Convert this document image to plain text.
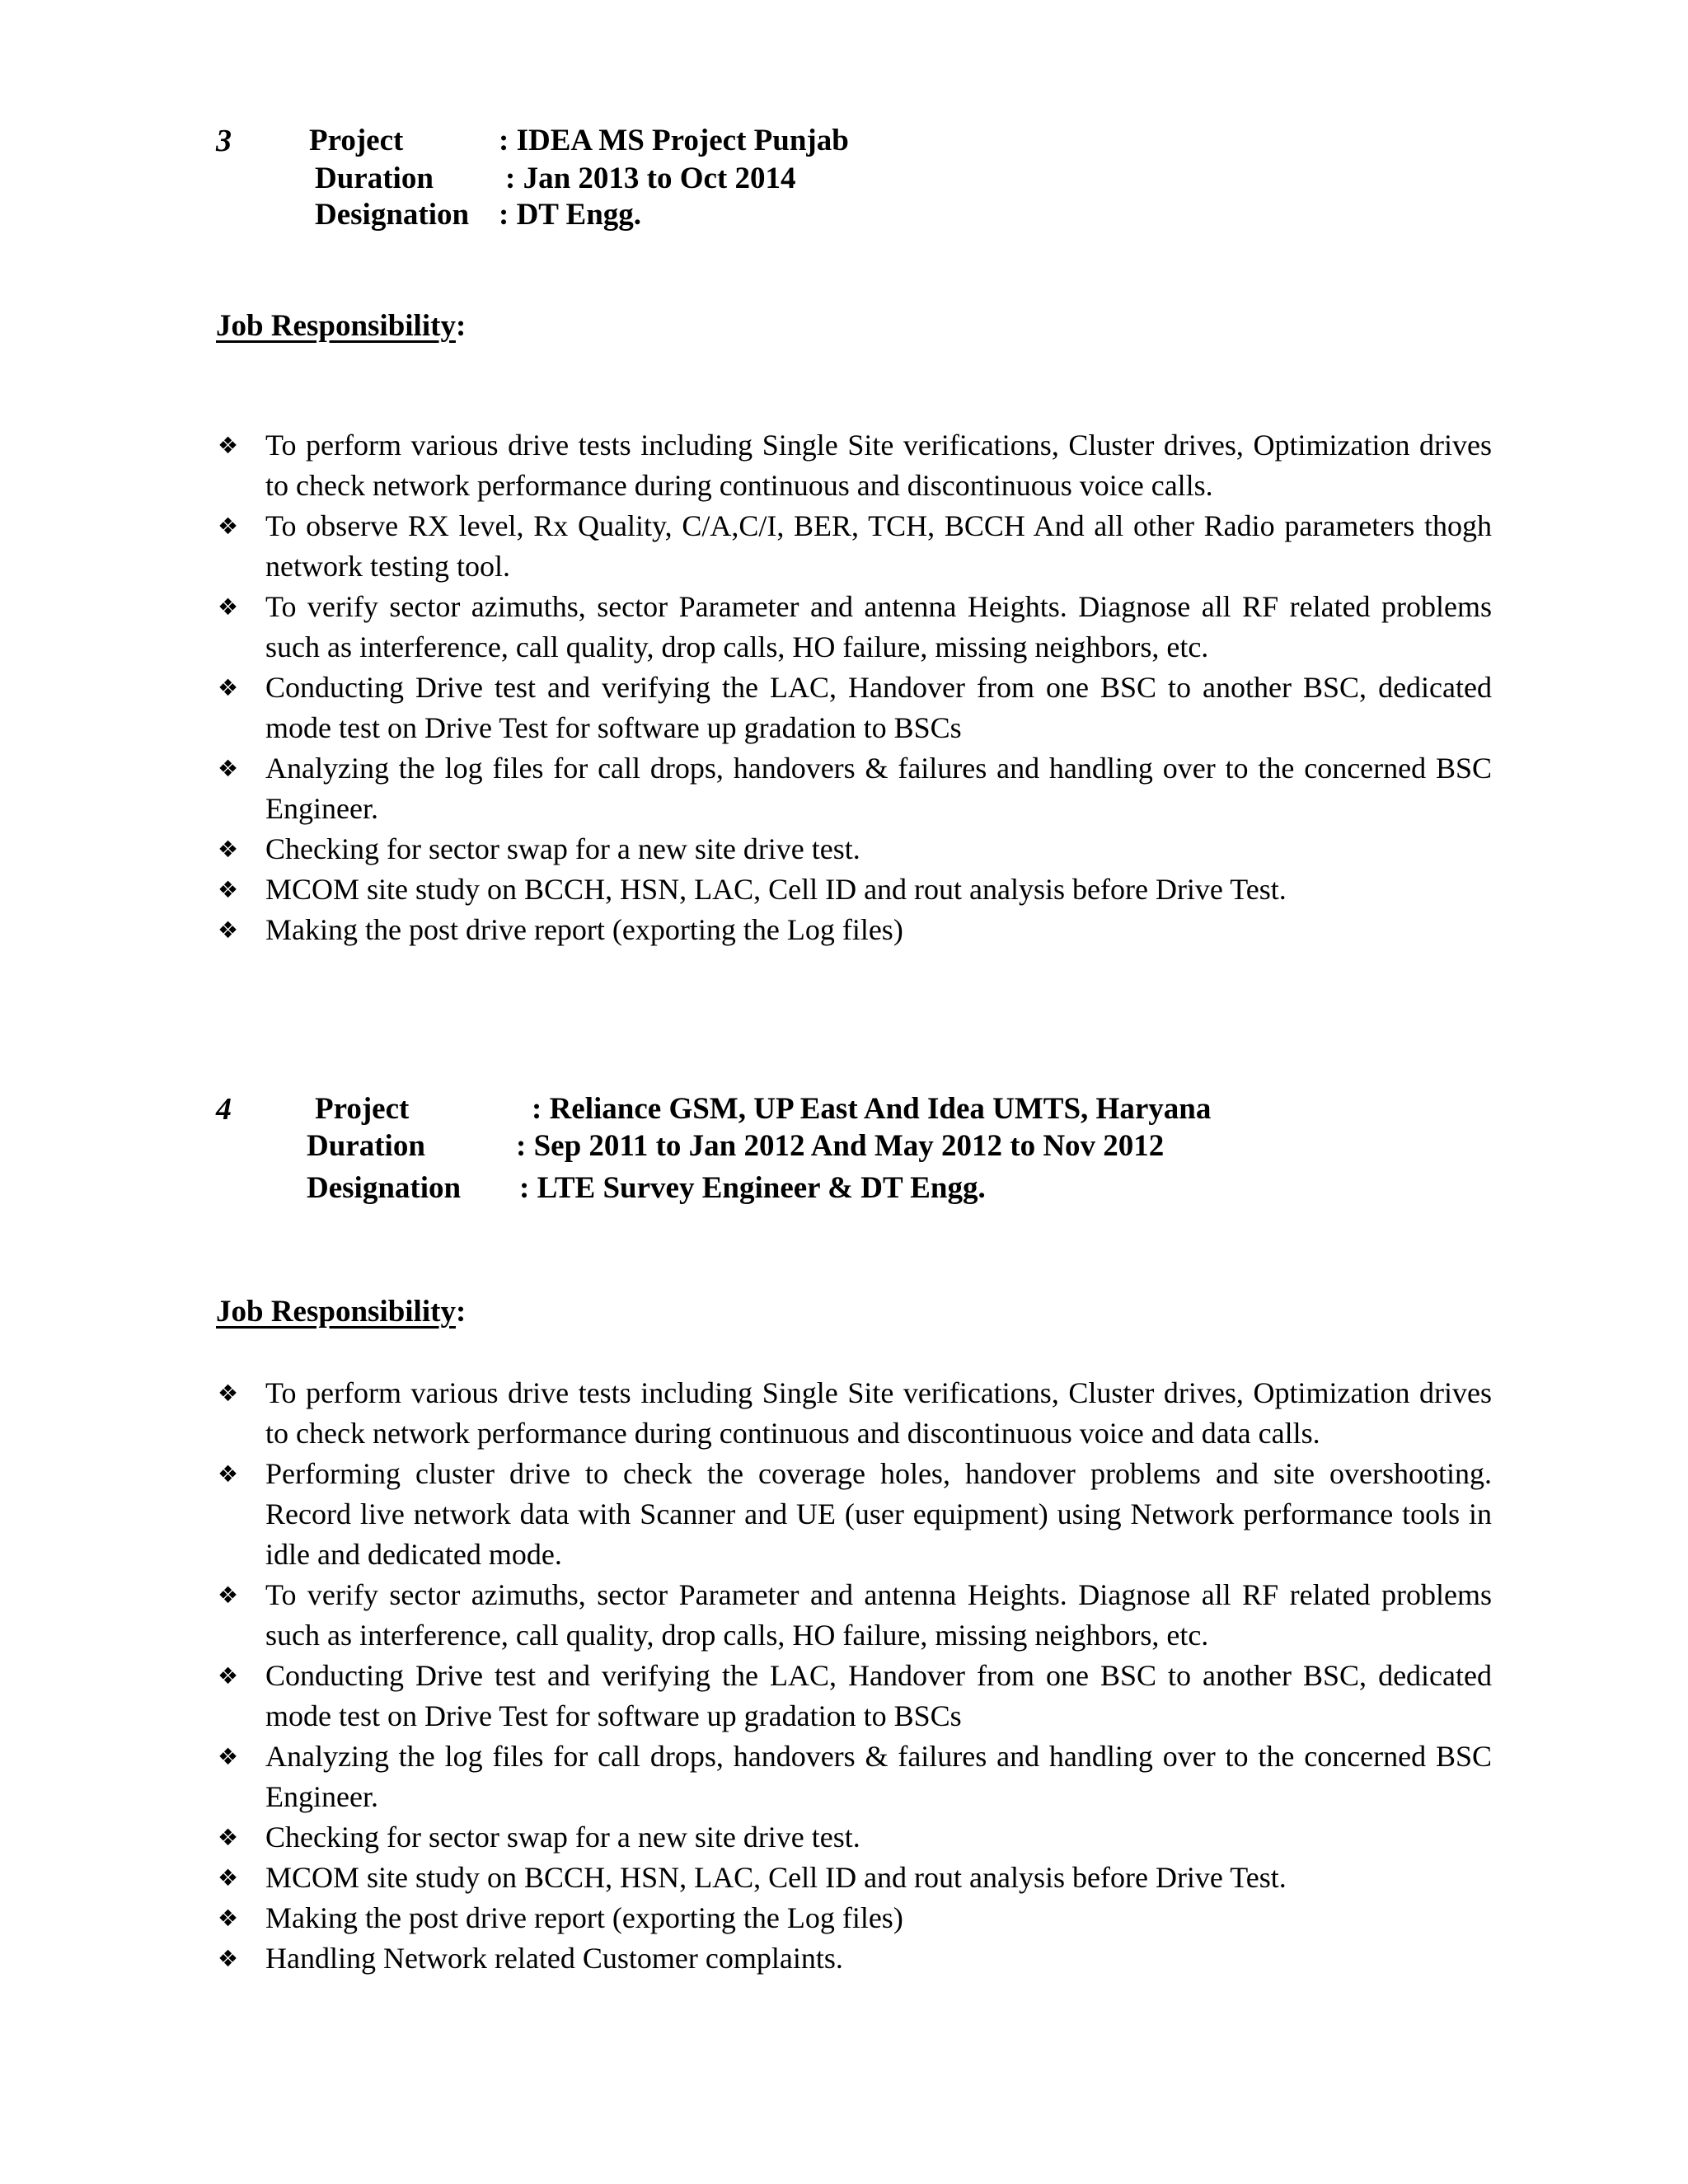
3	Project	: IDEA MS Project Punjab
Duration : Jan 2013 to Oct 2014
Designation : DT Engg.
Job Responsibility:
❖ To perform various drive tests including Single Site verifications, Cluster drives, Optimization drives to check network performance during continuous and discontinuous voice calls.
❖ To observe RX level, Rx Quality, C/A,C/I, BER, TCH, BCCH And all other Radio parameters thogh network testing tool.
❖ To verify sector azimuths, sector Parameter and antenna Heights. Diagnose all RF related problems such as interference, call quality, drop calls, HO failure, missing neighbors, etc.
❖ Conducting Drive test and verifying the LAC, Handover from one BSC to another BSC, dedicated mode test on Drive Test for software up gradation to BSCs
❖ Analyzing the log files for call drops, handovers & failures and handling over to the concerned BSC Engineer.
❖ Checking for sector swap for a new site drive test.
❖ MCOM site study on BCCH, HSN, LAC, Cell ID and rout analysis before Drive Test.
❖ Making the post drive report (exporting the Log files)
4	Project	: Reliance GSM, UP East And Idea UMTS, Haryana
Duration	: Sep 2011 to Jan 2012 And May 2012 to Nov 2012
Designation : LTE Survey Engineer & DT Engg.
Job Responsibility:
❖ To perform various drive tests including Single Site verifications, Cluster drives, Optimization drives to check network performance during continuous and discontinuous voice and data calls.
❖ Performing cluster drive to check the coverage holes, handover problems and site overshooting. Record live network data with Scanner and UE (user equipment) using Network performance tools in idle and dedicated mode.
❖ To verify sector azimuths, sector Parameter and antenna Heights. Diagnose all RF related problems such as interference, call quality, drop calls, HO failure, missing neighbors, etc.
❖ Conducting Drive test and verifying the LAC, Handover from one BSC to another BSC, dedicated mode test on Drive Test for software up gradation to BSCs
❖ Analyzing the log files for call drops, handovers & failures and handling over to the concerned BSC Engineer.
❖ Checking for sector swap for a new site drive test.
❖ MCOM site study on BCCH, HSN, LAC, Cell ID and rout analysis before Drive Test.
❖ Making the post drive report (exporting the Log files)
❖ Handling Network related Customer complaints.
